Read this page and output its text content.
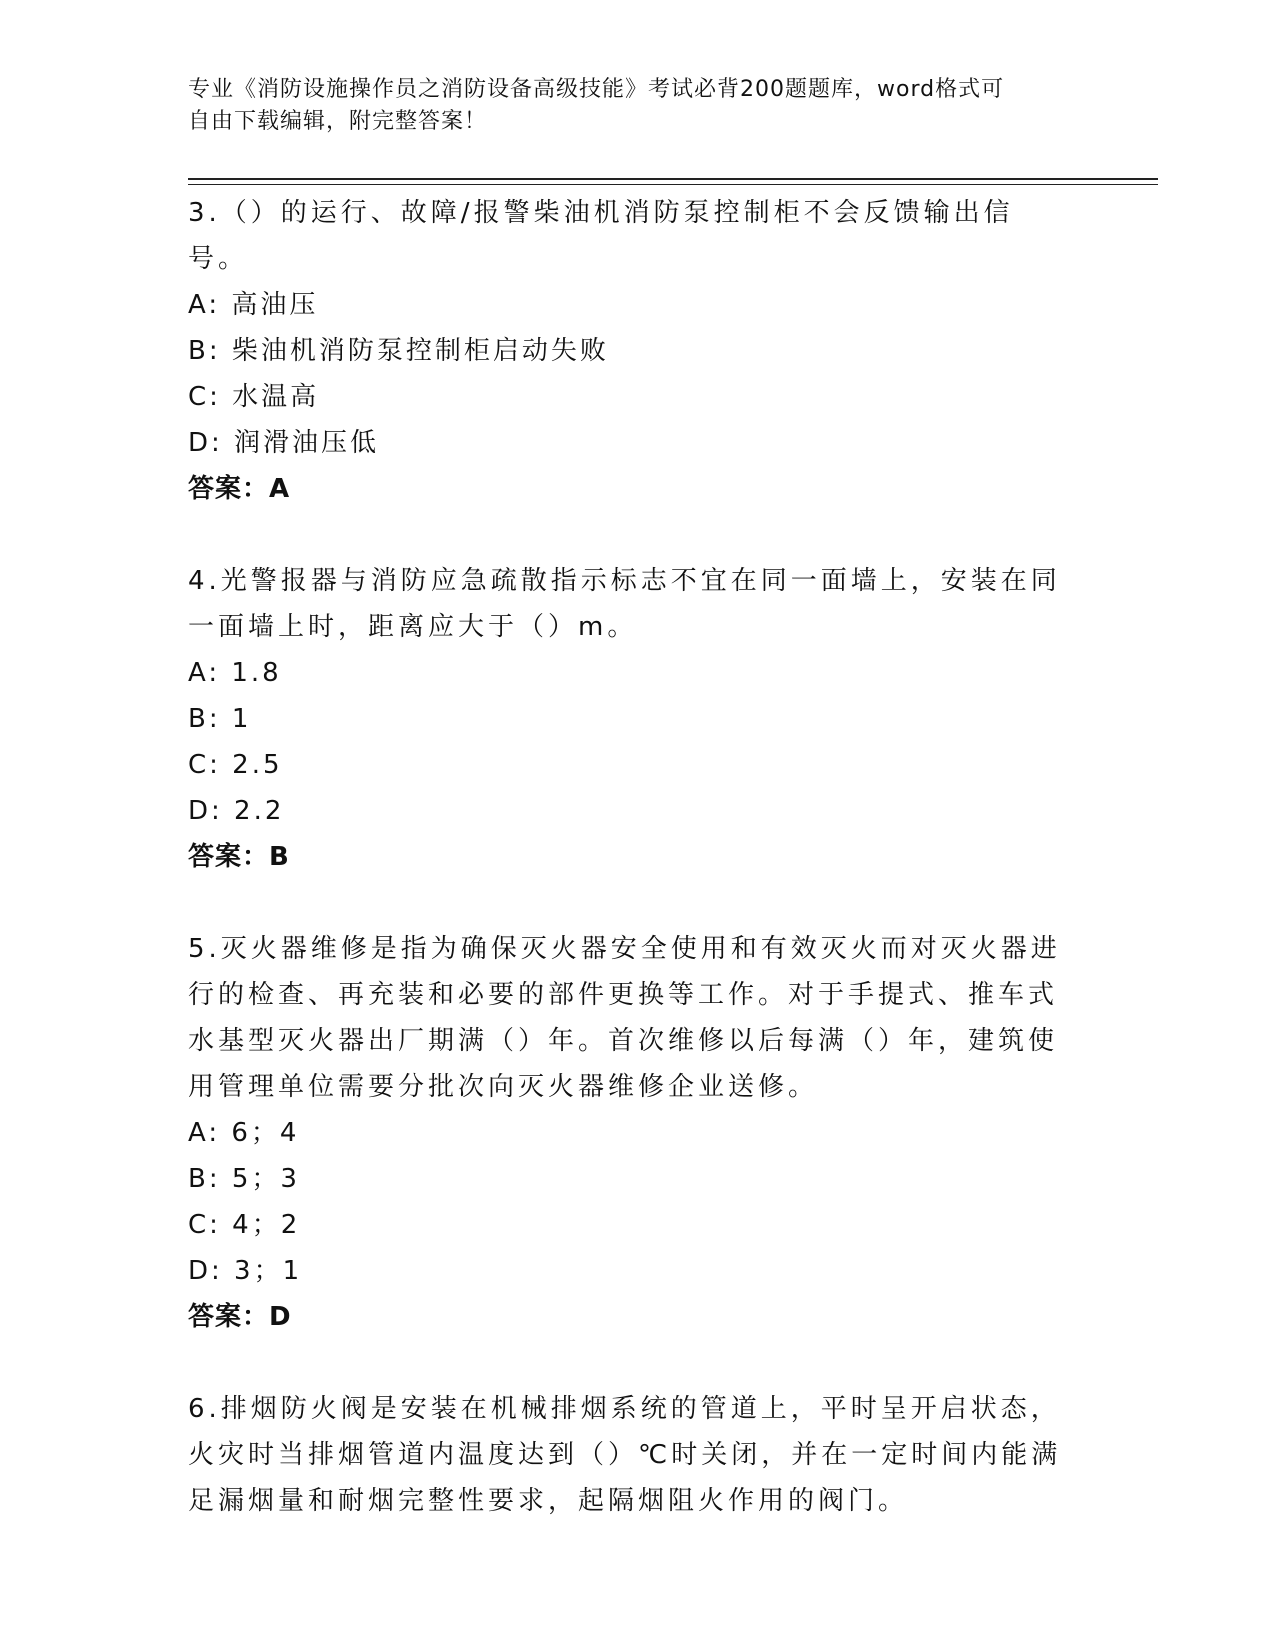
专业《消防设施操作员之消防设备高级技能》考试必背200题题库，word格式可
自由下载编辑，附完整答案！

3.（）的运行、故障/报警柴油机消防泵控制柜不会反馈输出信号。

A: 高油压

B: 柴油机消防泵控制柜启动失败

C: 水温高

D: 润滑油压低

答案：A

4.光警报器与消防应急疏散指示标志不宜在同一面墙上，安装在同一面墙上时，距离应大于（）m。

A: 1.8

B: 1

C: 2.5

D: 2.2

答案：B

5.灭火器维修是指为确保灭火器安全使用和有效灭火而对灭火器进行的检查、再充装和必要的部件更换等工作。对于手提式、推车式水基型灭火器出厂期满（）年。首次维修以后每满（）年，建筑使用管理单位需要分批次向灭火器维修企业送修。

A: 6；4

B: 5；3

C: 4；2

D: 3；1

答案：D

6.排烟防火阀是安装在机械排烟系统的管道上，平时呈开启状态，火灾时当排烟管道内温度达到（）℃时关闭，并在一定时间内能满足漏烟量和耐烟完整性要求，起隔烟阻火作用的阀门。
